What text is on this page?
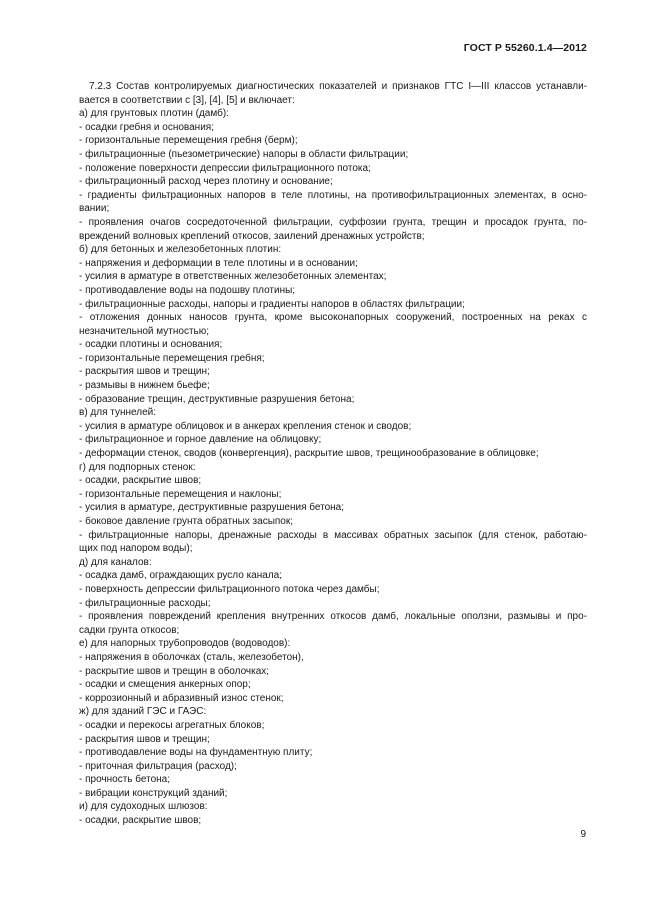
ГОСТ Р 55260.1.4—2012
7.2.3 Состав контролируемых диагностических показателей и признаков ГТС I—III классов устанавли-
вается в соответствии с [3], [4], [5] и включает:
а) для грунтовых плотин (дамб):
- осадки гребня и основания;
- горизонтальные перемещения гребня (берм);
- фильтрационные (пьезометрические) напоры в области фильтрации;
- положение поверхности депрессии фильтрационного потока;
- фильтрационный расход через плотину и основание;
- градиенты фильтрационных напоров в теле плотины, на противофильтрационных элементах, в осно-
вании;
- проявления очагов сосредоточенной фильтрации, суффозии грунта, трещин и просадок грунта, по-
вреждений волновых креплений откосов, заилений дренажных устройств;
б) для бетонных и железобетонных плотин:
- напряжения и деформации в теле плотины и в основании;
- усилия в арматуре в ответственных железобетонных элементах;
- противодавление воды на подошву плотины;
- фильтрационные расходы, напоры и градиенты напоров в областях фильтрации;
- отложения донных наносов грунта, кроме высоконапорных сооружений, построенных на реках с
незначительной мутностью;
- осадки плотины и основания;
- горизонтальные перемещения гребня;
- раскрытия швов и трещин;
- размывы в нижнем бьефе;
- образование трещин, деструктивные разрушения бетона;
в) для туннелей:
- усилия в арматуре облицовок и в анкерах крепления стенок и сводов;
- фильтрационное и горное давление на облицовку;
- деформации стенок, сводов (конвергенция), раскрытие швов, трещинообразование в облицовке;
г) для подпорных стенок:
- осадки, раскрытие швов;
- горизонтальные перемещения и наклоны;
- усилия в арматуре, деструктивные разрушения бетона;
- боковое давление грунта обратных засыпок;
- фильтрационные напоры, дренажные расходы в массивах обратных засыпок (для стенок, работаю-
щих под напором воды);
д) для каналов:
- осадка дамб, ограждающих русло канала;
- поверхность депрессии фильтрационного потока через дамбы;
- фильтрационные расходы;
- проявления повреждений крепления внутренних откосов дамб, локальные оползни, размывы и про-
садки грунта откосов;
е) для напорных трубопроводов (водоводов):
- напряжения в оболочках (сталь, железобетон),
- раскрытие швов и трещин в оболочках;
- осадки и смещения анкерных опор;
- коррозионный и абразивный износ стенок;
ж) для зданий ГЭС и ГАЭС:
- осадки и перекосы агрегатных блоков;
- раскрытия швов и трещин;
- противодавление воды на фундаментную плиту;
- приточная фильтрация (расход);
- прочность бетона;
- вибрации конструкций зданий;
и) для судоходных шлюзов:
- осадки, раскрытие швов;
9
